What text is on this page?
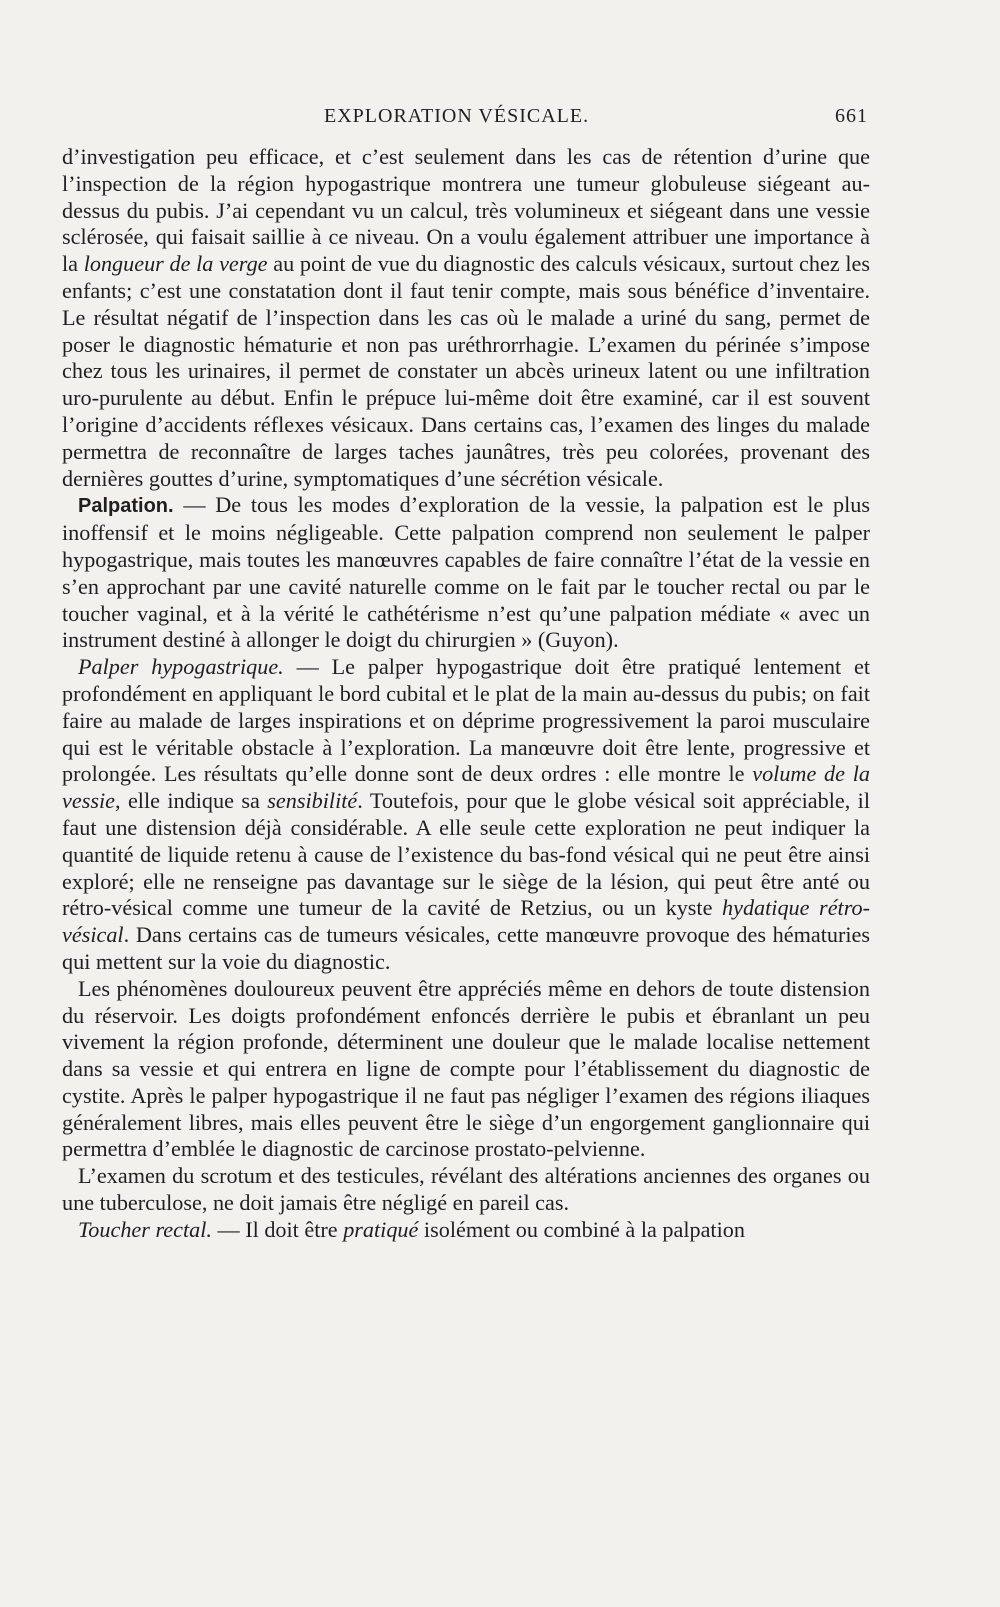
EXPLORATION VÉSICALE.	661

d’investigation peu efficace, et c’est seulement dans les cas de rétention d’urine que l’inspection de la région hypogastrique montrera une tumeur globuleuse siégeant au-dessus du pubis. J’ai cependant vu un calcul, très volumineux et siégeant dans une vessie sclérosée, qui faisait saillie à ce niveau. On a voulu également attribuer une importance à la longueur de la verge au point de vue du diagnostic des calculs vésicaux, surtout chez les enfants; c’est une constatation dont il faut tenir compte, mais sous bénéfice d’inventaire. Le résultat négatif de l’inspection dans les cas où le malade a uriné du sang, permet de poser le diagnostic hématurie et non pas uréthrorrhagie. L’examen du périnée s’impose chez tous les urinaires, il permet de constater un abcès urineux latent ou une infiltration uro-purulente au début. Enfin le prépuce lui-même doit être examiné, car il est souvent l’origine d’accidents réflexes vésicaux. Dans certains cas, l’examen des linges du malade permettra de reconnaître de larges taches jaunâtres, très peu colorées, provenant des dernières gouttes d’urine, symptomatiques d’une sécrétion vésicale.

Palpation. — De tous les modes d’exploration de la vessie, la palpation est le plus inoffensif et le moins négligeable. Cette palpation comprend non seulement le palper hypogastrique, mais toutes les manœuvres capables de faire connaître l’état de la vessie en s’en approchant par une cavité naturelle comme on le fait par le toucher rectal ou par le toucher vaginal, et à la vérité le cathétérisme n’est qu’une palpation médiate « avec un instrument destiné à allonger le doigt du chirurgien » (Guyon).

Palper hypogastrique. — Le palper hypogastrique doit être pratiqué lentement et profondément en appliquant le bord cubital et le plat de la main au-dessus du pubis; on fait faire au malade de larges inspirations et on déprime progressivement la paroi musculaire qui est le véritable obstacle à l’exploration. La manœuvre doit être lente, progressive et prolongée. Les résultats qu’elle donne sont de deux ordres : elle montre le volume de la vessie, elle indique sa sensibilité. Toutefois, pour que le globe vésical soit appréciable, il faut une distension déjà considérable. A elle seule cette exploration ne peut indiquer la quantité de liquide retenu à cause de l’existence du bas-fond vésical qui ne peut être ainsi exploré; elle ne renseigne pas davantage sur le siège de la lésion, qui peut être anté ou rétro-vésical comme une tumeur de la cavité de Retzius, ou un kyste hydatique rétro-vésical. Dans certains cas de tumeurs vésicales, cette manœuvre provoque des hématuries qui mettent sur la voie du diagnostic.

Les phénomènes douloureux peuvent être appréciés même en dehors de toute distension du réservoir. Les doigts profondément enfoncés derrière le pubis et ébranlant un peu vivement la région profonde, déterminent une douleur que le malade localise nettement dans sa vessie et qui entrera en ligne de compte pour l’établissement du diagnostic de cystite. Après le palper hypogastrique il ne faut pas négliger l’examen des régions iliaques généralement libres, mais elles peuvent être le siège d’un engorgement ganglionnaire qui permettra d’emblée le diagnostic de carcinose prostato-pelvienne.

L’examen du scrotum et des testicules, révélant des altérations anciennes des organes ou une tuberculose, ne doit jamais être négligé en pareil cas.

Toucher rectal. — Il doit être pratiqué isolément ou combiné à la palpation
